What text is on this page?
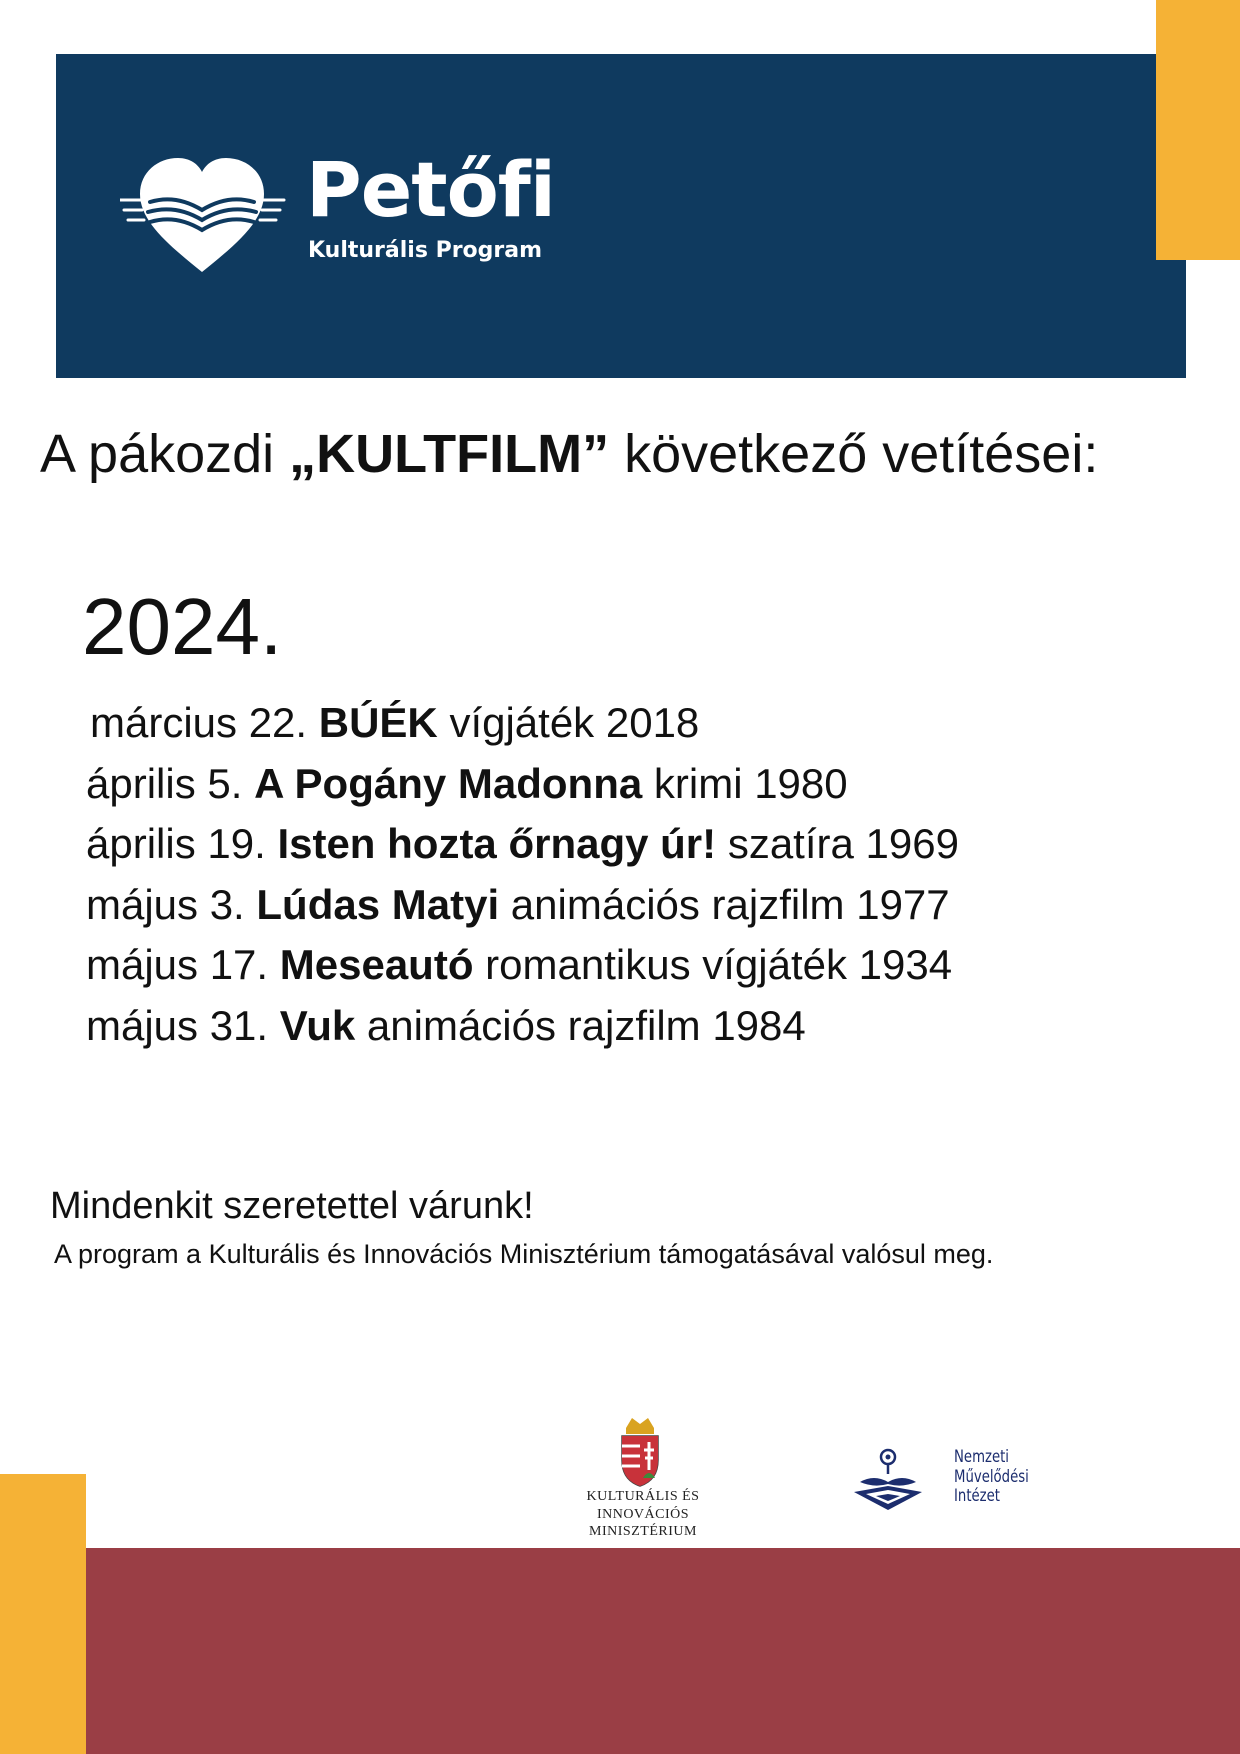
Petőfi
Kulturális Program
A pákozdi „KULTFILM” következő vetítései:
2024.
március 22. BÚÉK vígjáték 2018
április 5. A Pogány Madonna krimi 1980
április 19. Isten hozta őrnagy úr! szatíra 1969
május 3. Lúdas Matyi animációs rajzfilm 1977
május 17. Meseautó romantikus vígjáték 1934
május 31. Vuk animációs rajzfilm 1984
Mindenkit szeretettel várunk!
A program a Kulturális és Innovációs Minisztérium támogatásával valósul meg.
KULTURÁLIS ÉS INNOVÁCIÓS
MINISZTÉRIUM
Nemzeti
Művelődési
Intézet
